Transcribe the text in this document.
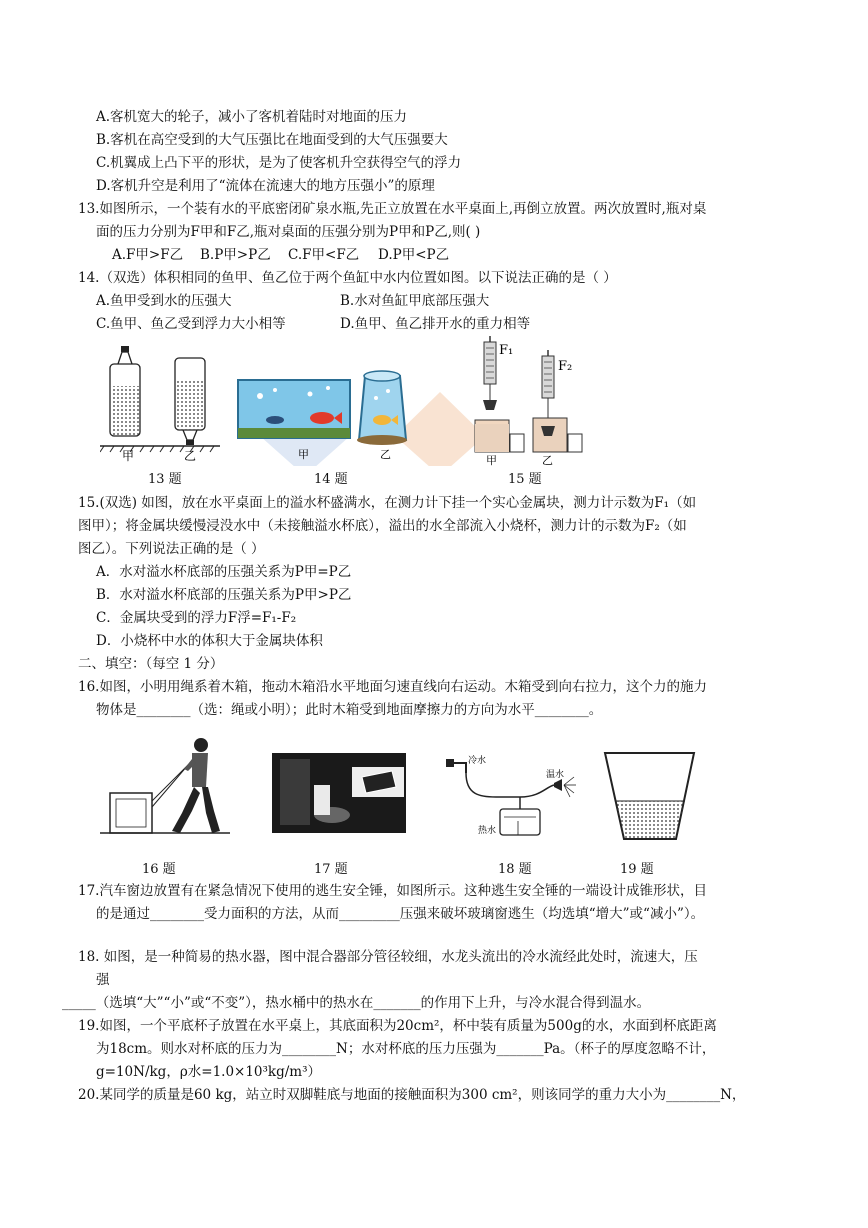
A.客机宽大的轮子，减小了客机着陆时对地面的压力
B.客机在高空受到的大气压强比在地面受到的大气压强要大
C.机翼成上凸下平的形状，是为了使客机升空获得空气的浮力
D.客机升空是利用了“流体在流速大的地方压强小”的原理
13.如图所示，一个装有水的平底密闭矿泉水瓶,先正立放置在水平桌面上,再倒立放置。两次放置时,瓶对桌
面的压力分别为F甲和F乙,瓶对桌面的压强分别为P甲和P乙,则( )
A.F甲>F乙	B.P甲>P乙	C.F甲<F乙	D.P甲<P乙
14.（双选）体积相同的鱼甲、鱼乙位于两个鱼缸中水内位置如图。以下说法正确的是（ ）
A.鱼甲受到水的压强大	B.水对鱼缸甲底部压强大
C.鱼甲、鱼乙受到浮力大小相等	D.鱼甲、鱼乙排开水的重力相等
甲	乙	甲	乙
F₁
F₂
甲	乙
13 题	14 题	15 题
15.(双选) 如图，放在水平桌面上的溢水杯盛满水，在测力计下挂一个实心金属块，测力计示数为F₁（如
图甲）；将金属块缓慢浸没水中（未接触溢水杯底），溢出的水全部流入小烧杯，测力计的示数为F₂（如
图乙）。下列说法正确的是（ ）
A．水对溢水杯底部的压强关系为P甲=P乙
B．水对溢水杯底部的压强关系为P甲>P乙
C．金属块受到的浮力F浮=F₁-F₂
D．小烧杯中水的体积大于金属块体积
二、填空：（每空 1 分）
16.如图，小明用绳系着木箱，拖动木箱沿水平地面匀速直线向右运动。木箱受到向右拉力，这个力的施力
物体是________（选：绳或小明）；此时木箱受到地面摩擦力的方向为水平________。
冷水
温水
热水
16 题	17 题	18 题	19 题
17.汽车窗边放置有在紧急情况下使用的逃生安全锤，如图所示。这种逃生安全锤的一端设计成锥形状，目
的是通过________受力面积的方法，从而_________压强来破坏玻璃窗逃生（均选填“增大”或“减小”）。
18. 如图，是一种简易的热水器，图中混合器部分管径较细，水龙头流出的冷水流经此处时，流速大，压
强
_____（选填“大”“小”或“不变”），热水桶中的热水在_______的作用下上升，与冷水混合得到温水。
19.如图，一个平底杯子放置在水平桌上，其底面积为20cm²，杯中装有质量为500g的水，水面到杯底距离
为18cm。则水对杯底的压力为________N；水对杯底的压力压强为_______Pa。（杯子的厚度忽略不计，
g=10N/kg，ρ水=1.0×10³kg/m³）
20.某同学的质量是60 kg，站立时双脚鞋底与地面的接触面积为300 cm²，则该同学的重力大小为________N，
